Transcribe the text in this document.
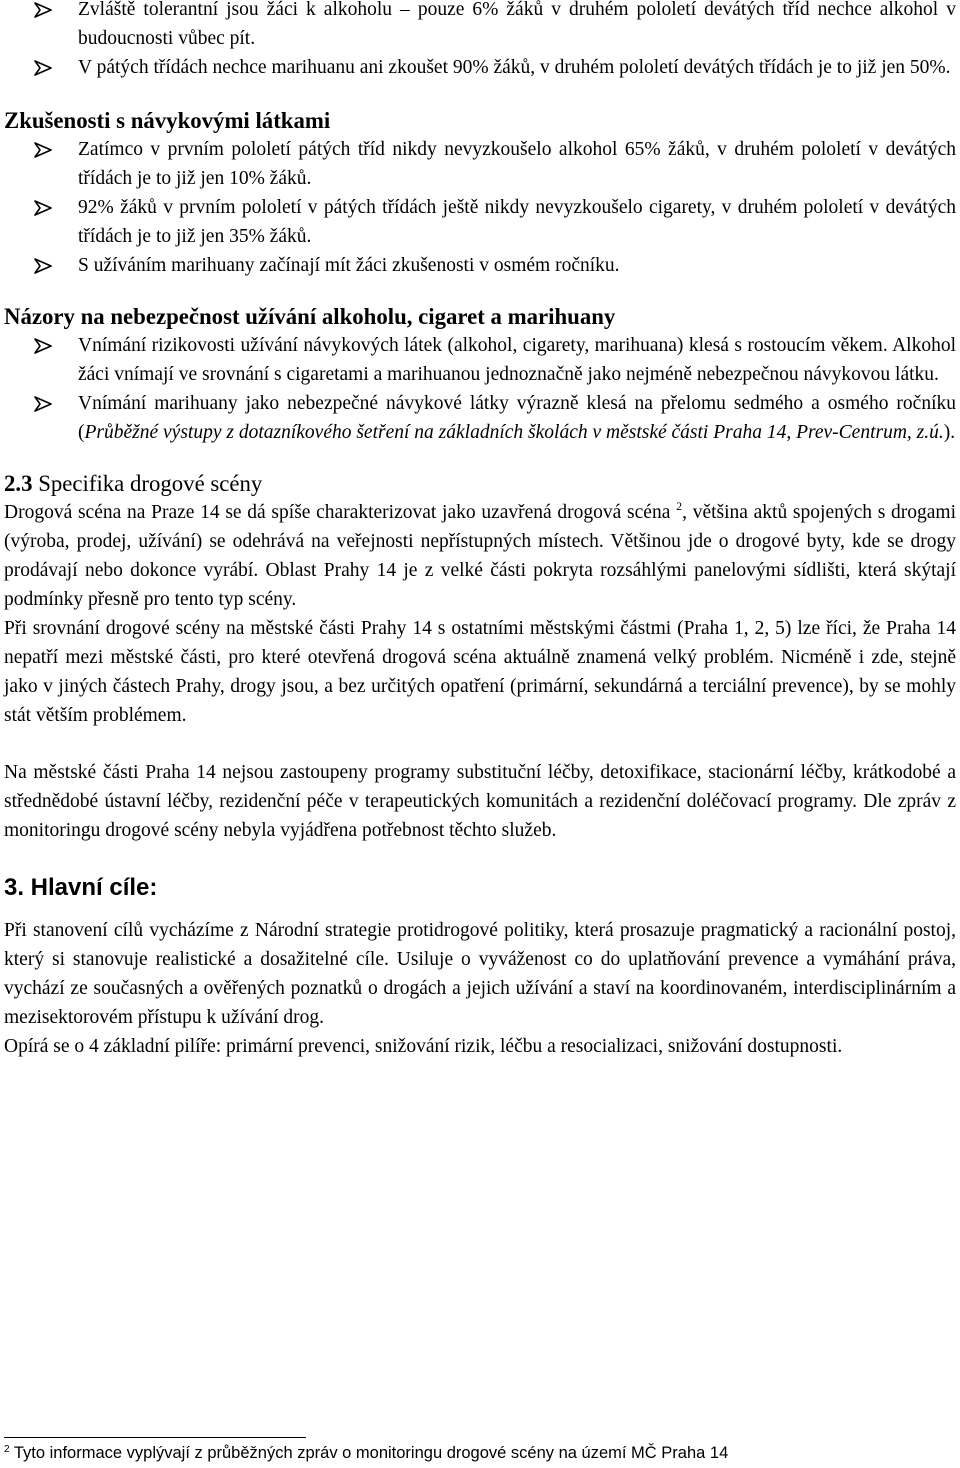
Zvláště tolerantní jsou žáci k alkoholu – pouze 6% žáků v druhém pololetí devátých tříd nechce alkohol v budoucnosti vůbec pít.
V pátých třídách nechce marihuanu ani zkoušet 90% žáků, v druhém pololetí devátých třídách je to již jen 50%.
Zkušenosti s návykovými látkami
Zatímco v prvním pololetí pátých tříd nikdy nevyzkoušelo alkohol 65% žáků, v druhém pololetí v devátých třídách je to již jen 10% žáků.
92% žáků v prvním pololetí v pátých třídách ještě nikdy nevyzkoušelo cigarety, v druhém pololetí v devátých třídách je to již jen 35% žáků.
S užíváním marihuany začínají mít žáci zkušenosti v osmém ročníku.
Názory na nebezpečnost užívání alkoholu, cigaret a marihuany
Vnímání rizikovosti užívání návykových látek (alkohol, cigarety, marihuana) klesá s rostoucím věkem. Alkohol žáci vnímají ve srovnání s cigaretami a marihuanou jednoznačně jako nejméně nebezpečnou návykovou látku.
Vnímání marihuany jako nebezpečné návykové látky výrazně klesá na přelomu sedmého a osmého ročníku (Průběžné výstupy z dotazníkového šetření na základních školách v městské části Praha 14, Prev-Centrum, z.ú.).
2.3 Specifika drogové scény

Drogová scéna na Praze 14 se dá spíše charakterizovat jako uzavřená drogová scéna $^2$, většina aktů spojených s drogami (výroba, prodej, užívání) se odehrává na veřejnosti nepřístupných místech. Většinou jde o drogové byty, kde se drogy prodávají nebo dokonce vyrábí. Oblast Prahy 14 je z velké části pokryta rozsáhlými panelovými sídlišti, která skýtají podmínky přesně pro tento typ scény.

Při srovnání drogové scény na městské části Prahy 14 s ostatními městskými částmi (Praha 1, 2, 5) lze říci, že Praha 14 nepatří mezi městské části, pro které otevřená drogová scéna aktuálně znamená velký problém. Nicméně i zde, stejně jako v jiných částech Prahy, drogy jsou, a bez určitých opatření (primární, sekundárná a terciální prevence), by se mohly stát větším problémem.

Na městské části Praha 14 nejsou zastoupeny programy substituční léčby, detoxifikace, stacionární léčby, krátkodobé a střednědobé ústavní léčby, rezidenční péče v terapeutických komunitách a rezidenční doléčovací programy. Dle zpráv z monitoringu drogové scény nebyla vyjádřena potřebnost těchto služeb.

3. Hlavní cíle:

Při stanovení cílů vycházíme z Národní strategie protidrogové politiky, která prosazuje pragmatický a racionální postoj, který si stanovuje realistické a dosažitelné cíle. Usiluje o vyváženost co do uplatňování prevence a vymáhání práva, vychází ze současných a ověřených poznatků o drogách a jejich užívání a staví na koordinovaném, interdisciplinárním a mezisektorovém přístupu k užívání drog.

Opírá se o 4 základní pilíře: primární prevenci, snižování rizik, léčbu a resocializaci, snižování dostupnosti.

$^2$ Tyto informace vyplývají z průběžných zpráv o monitoringu drogové scény na území MČ Praha 14
